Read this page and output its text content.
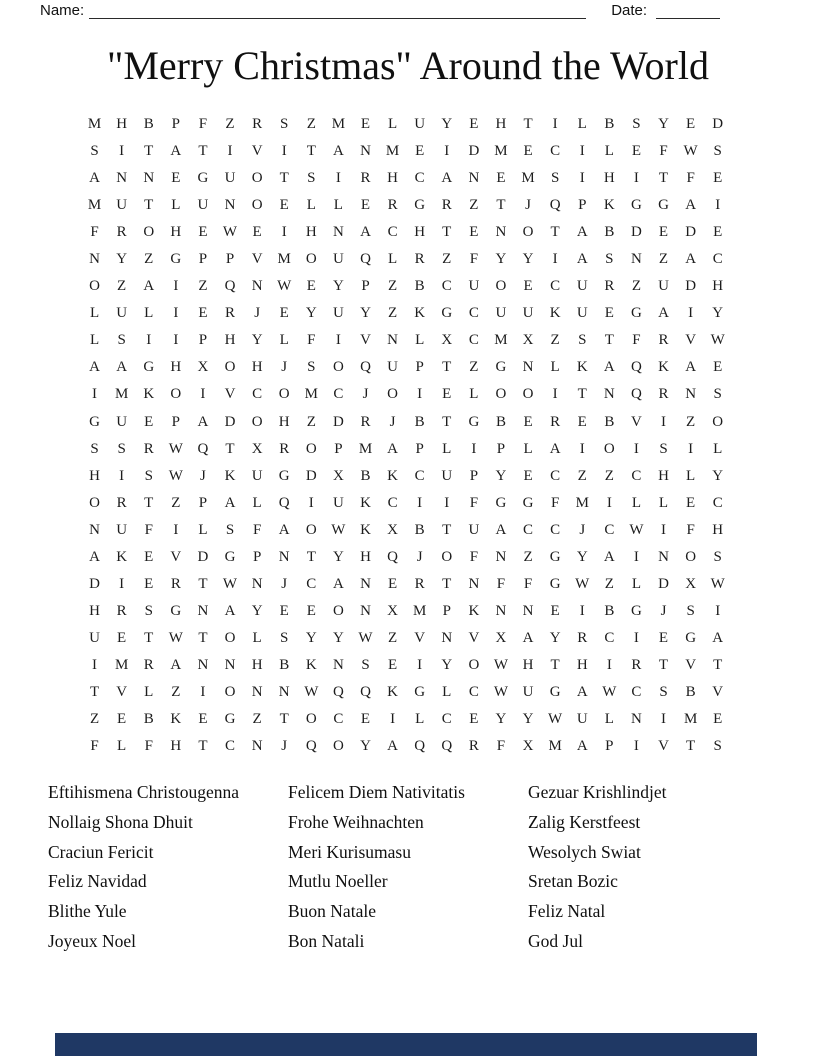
Name:	Date:
"Merry Christmas" Around the World
M	H	B	P	F	Z	R	S	Z	M	E	L	U	Y	E	H	T	I	L	B	S	Y	E	D
S	I	T	A	T	I	V	I	T	A	N	M	E	I	D	M	E	C	I	L	E	F	W	S
A	N	N	E	G	U	O	T	S	I	R	H	C	A	N	E	M	S	I	H	I	T	F	E
M	U	T	L	U	N	O	E	L	L	E	R	G	R	Z	T	J	Q	P	K	G	G	A	I
F	R	O	H	E	W	E	I	H	N	A	C	H	T	E	N	O	T	A	B	D	E	D	E
N	Y	Z	G	P	P	V	M	O	U	Q	L	R	Z	F	Y	Y	I	A	S	N	Z	A	C
O	Z	A	I	Z	Q	N W	E	Y	P	Z	B	C	U	O	E	C	U	R	Z	U	D	H
L	U	L	I	E	R	J	E	Y	U	Y	Z	K	G	C	U	U	K	U	E	G	A	I	Y
L	S	I	I	P	H	Y	L	F	I	V	N	L	X	C	M	X	Z	S	T	F	R	V W
A	A	G	H	X	O	H	J	S	O	Q	U	P	T	Z	G	N	L	K	A	Q	K	A	E
I	M	K	O	I	V	C	O	M	C	J	O	I	E	L	O	O	I	T	N	Q	R	N	S
G	U	E	P	A	D	O	H	Z	D	R	J	B	T	G	B	E	R	E	B	V	I	Z	O
S	S	R	W Q	T	X	R	O	P	M	A	P	L	I	P	L	A	I	O	I	S	I	L
H	I	S	W	J	K	U	G	D	X	B	K	C	U	P	Y	E	C	Z	Z	C	H	L	Y
O	R	T	Z	P	A	L	Q	I	U	K	C	I	I	F	G	G	F	M	I	L	L	E	C
N	U	F	I	L	S	F	A	O W K	X	B	T	U	A	C	C	J	C	W	I	F	H
A	K	E	V	D	G	P	N	T	Y	H	Q	J	O	F	N	Z	G	Y	A	I	N	O	S
D	I	E	R	T	W N	J	C	A	N	E	R	T	N	F	F	G W	Z	L	D	X W
H	R	S	G	N	A	Y	E	E	O	N	X	M	P	K	N	N	E	I	B	G	J	S	I
U	E	T	W	T	O	L	S	Y	Y W	Z	V	N	V	X	A	Y	R	C	I	E	G	A
I	M	R	A	N	N	H	B	K	N	S	E	I	Y	O W H	T	H	I	R	T	V	T
T	V	L	Z	I	O	N	N W Q	Q	K	G	L	C	W U	G	A W	C	S	B	V
Z	E	B	K	E	G	Z	T	O	C	E	I	L	C	E	Y	Y W U	L	N	I	M	E
F	L	F	H	T	C	N	J	Q	O	Y	A	Q	Q	R	F	X	M	A	P	I	V	T	S
Eftihismena Christougenna
Nollaig Shona Dhuit
Craciun Fericit
Feliz Navidad
Blithe Yule
Joyeux Noel
Felicem Diem Nativitatis
Frohe Weihnachten
Meri Kurisumasu
Mutlu Noeller
Buon Natale
Bon Natali
Gezuar Krishlindjet
Zalig Kerstfeest
Wesolych Swiat
Sretan Bozic
Feliz Natal
God Jul
